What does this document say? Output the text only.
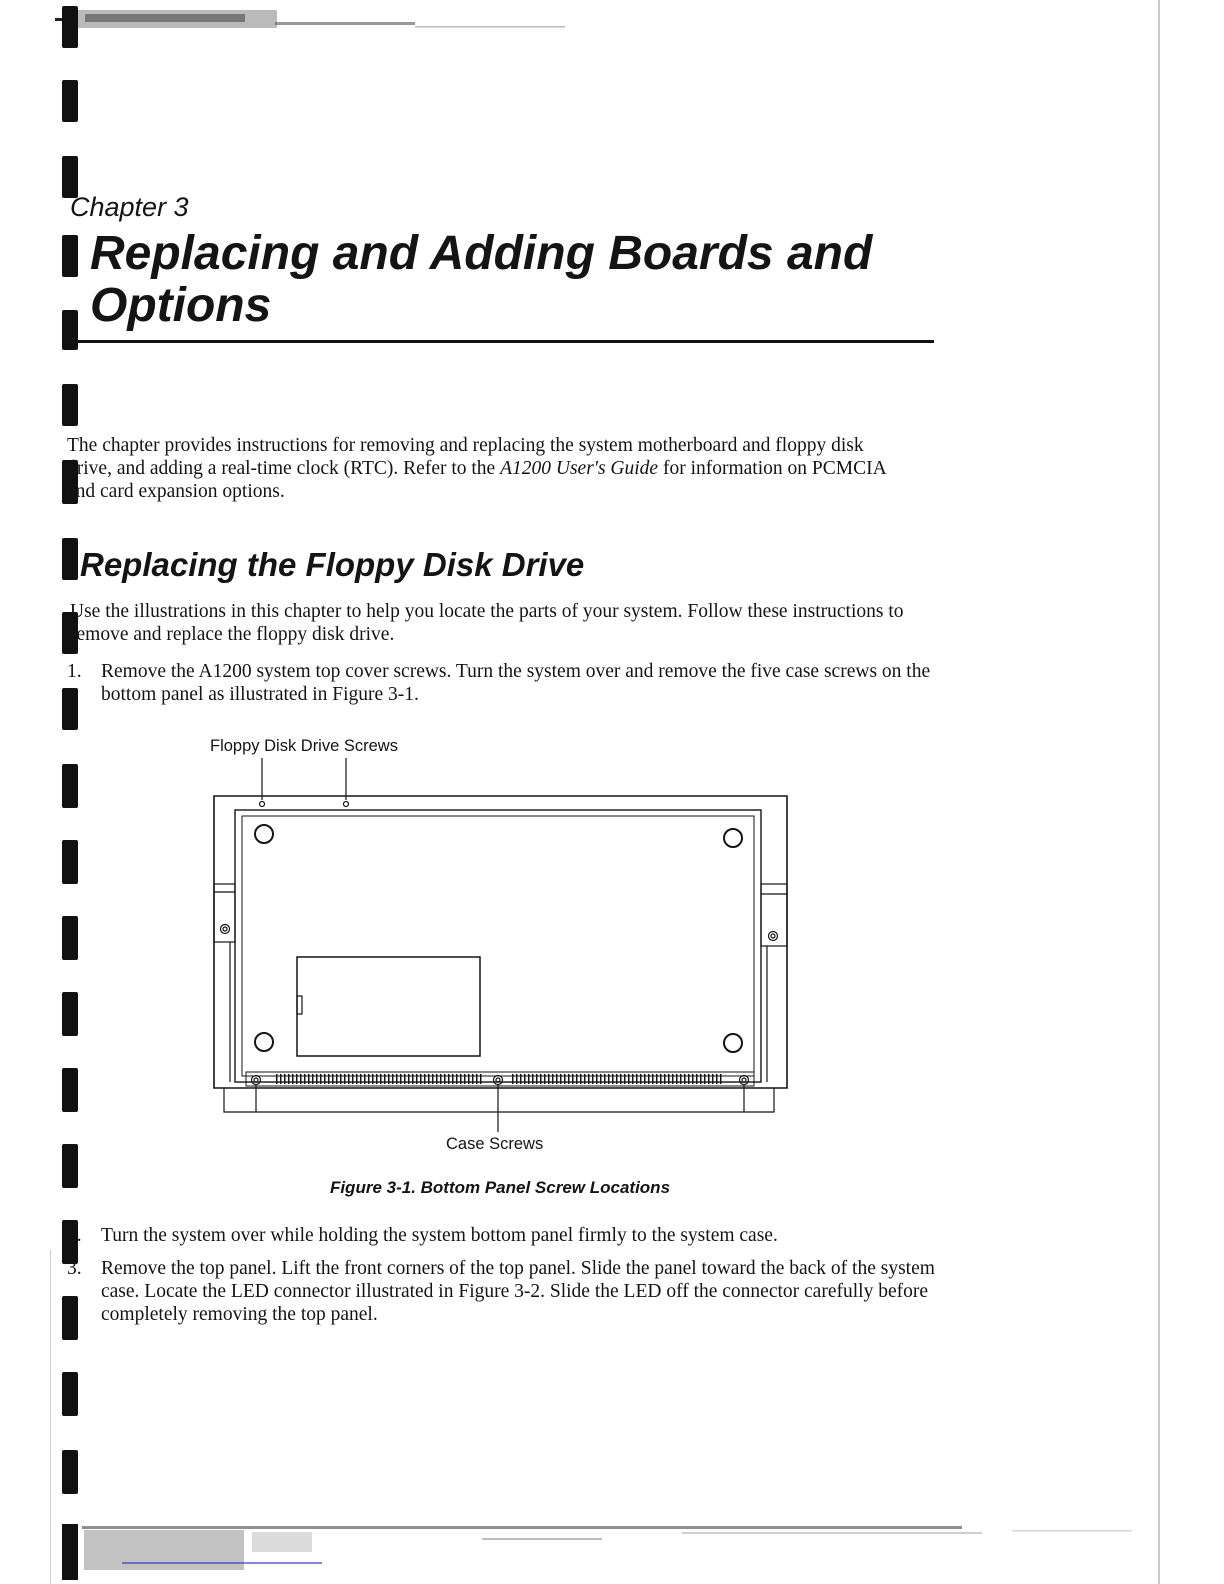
Chapter 3

Replacing and Adding Boards and Options

The chapter provides instructions for removing and replacing the system motherboard and floppy disk drive, and adding a real-time clock (RTC). Refer to the A1200 User's Guide for information on PCMCIA and card expansion options.

Replacing the Floppy Disk Drive

Use the illustrations in this chapter to help you locate the parts of your system. Follow these instructions to remove and replace the floppy disk drive.

1. Remove the A1200 system top cover screws. Turn the system over and remove the five case screws on the bottom panel as illustrated in Figure 3-1.
Floppy Disk Drive Screws
Case Screws

Figure 3-1. Bottom Panel Screw Locations

2. Turn the system over while holding the system bottom panel firmly to the system case.
3. Remove the top panel. Lift the front corners of the top panel. Slide the panel toward the back of the system case. Locate the LED connector illustrated in Figure 3-2. Slide the LED off the connector carefully before completely removing the top panel.
